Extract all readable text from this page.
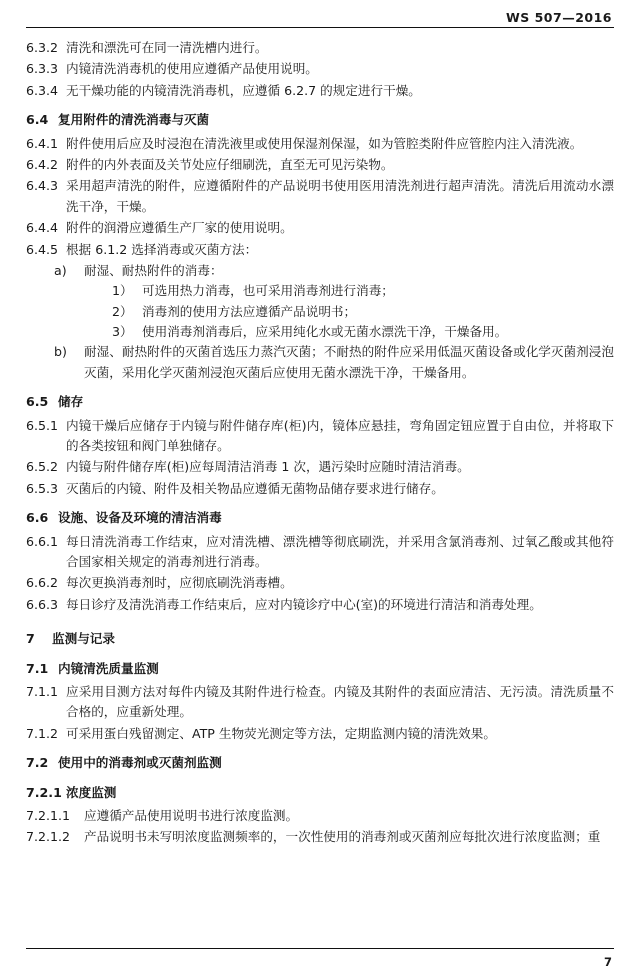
WS 507—2016
6.3.2 清洗和漂洗可在同一清洗槽内进行。
6.3.3 内镜清洗消毒机的使用应遵循产品使用说明。
6.3.4 无干燥功能的内镜清洗消毒机，应遵循 6.2.7 的规定进行干燥。
6.4 复用附件的清洗消毒与灭菌
6.4.1 附件使用后应及时浸泡在清洗液里或使用保湿剂保湿，如为管腔类附件应管腔内注入清洗液。
6.4.2 附件的内外表面及关节处应仔细刷洗，直至无可见污染物。
6.4.3 采用超声清洗的附件，应遵循附件的产品说明书使用医用清洗剂进行超声清洗。清洗后用流动水漂洗干净，干燥。
6.4.4 附件的润滑应遵循生产厂家的使用说明。
6.4.5 根据 6.1.2 选择消毒或灭菌方法：
a)	耐湿、耐热附件的消毒：
1） 可选用热力消毒，也可采用消毒剂进行消毒；
2） 消毒剂的使用方法应遵循产品说明书；
3） 使用消毒剂消毒后，应采用纯化水或无菌水漂洗干净，干燥备用。
b)	耐湿、耐热附件的灭菌首选压力蒸汽灭菌；不耐热的附件应采用低温灭菌设备或化学灭菌剂浸泡灭菌，采用化学灭菌剂浸泡灭菌后应使用无菌水漂洗干净，干燥备用。
6.5 储存
6.5.1 内镜干燥后应储存于内镜与附件储存库(柜)内，镜体应悬挂，弯角固定钮应置于自由位，并将取下的各类按钮和阀门单独储存。
6.5.2 内镜与附件储存库(柜)应每周清洁消毒 1 次，遇污染时应随时清洁消毒。
6.5.3 灭菌后的内镜、附件及相关物品应遵循无菌物品储存要求进行储存。
6.6 设施、设备及环境的清洁消毒
6.6.1 每日清洗消毒工作结束，应对清洗槽、漂洗槽等彻底刷洗，并采用含氯消毒剂、过氧乙酸或其他符合国家相关规定的消毒剂进行消毒。
6.6.2 每次更换消毒剂时，应彻底刷洗消毒槽。
6.6.3 每日诊疗及清洗消毒工作结束后，应对内镜诊疗中心(室)的环境进行清洁和消毒处理。
7	监测与记录
7.1 内镜清洗质量监测
7.1.1 应采用目测方法对每件内镜及其附件进行检查。内镜及其附件的表面应清洁、无污渍。清洗质量不合格的，应重新处理。
7.1.2 可采用蛋白残留测定、ATP 生物荧光测定等方法，定期监测内镜的清洗效果。
7.2 使用中的消毒剂或灭菌剂监测
7.2.1 浓度监测
7.2.1.1	应遵循产品使用说明书进行浓度监测。
7.2.1.2	产品说明书未写明浓度监测频率的，一次性使用的消毒剂或灭菌剂应每批次进行浓度监测；重
7
